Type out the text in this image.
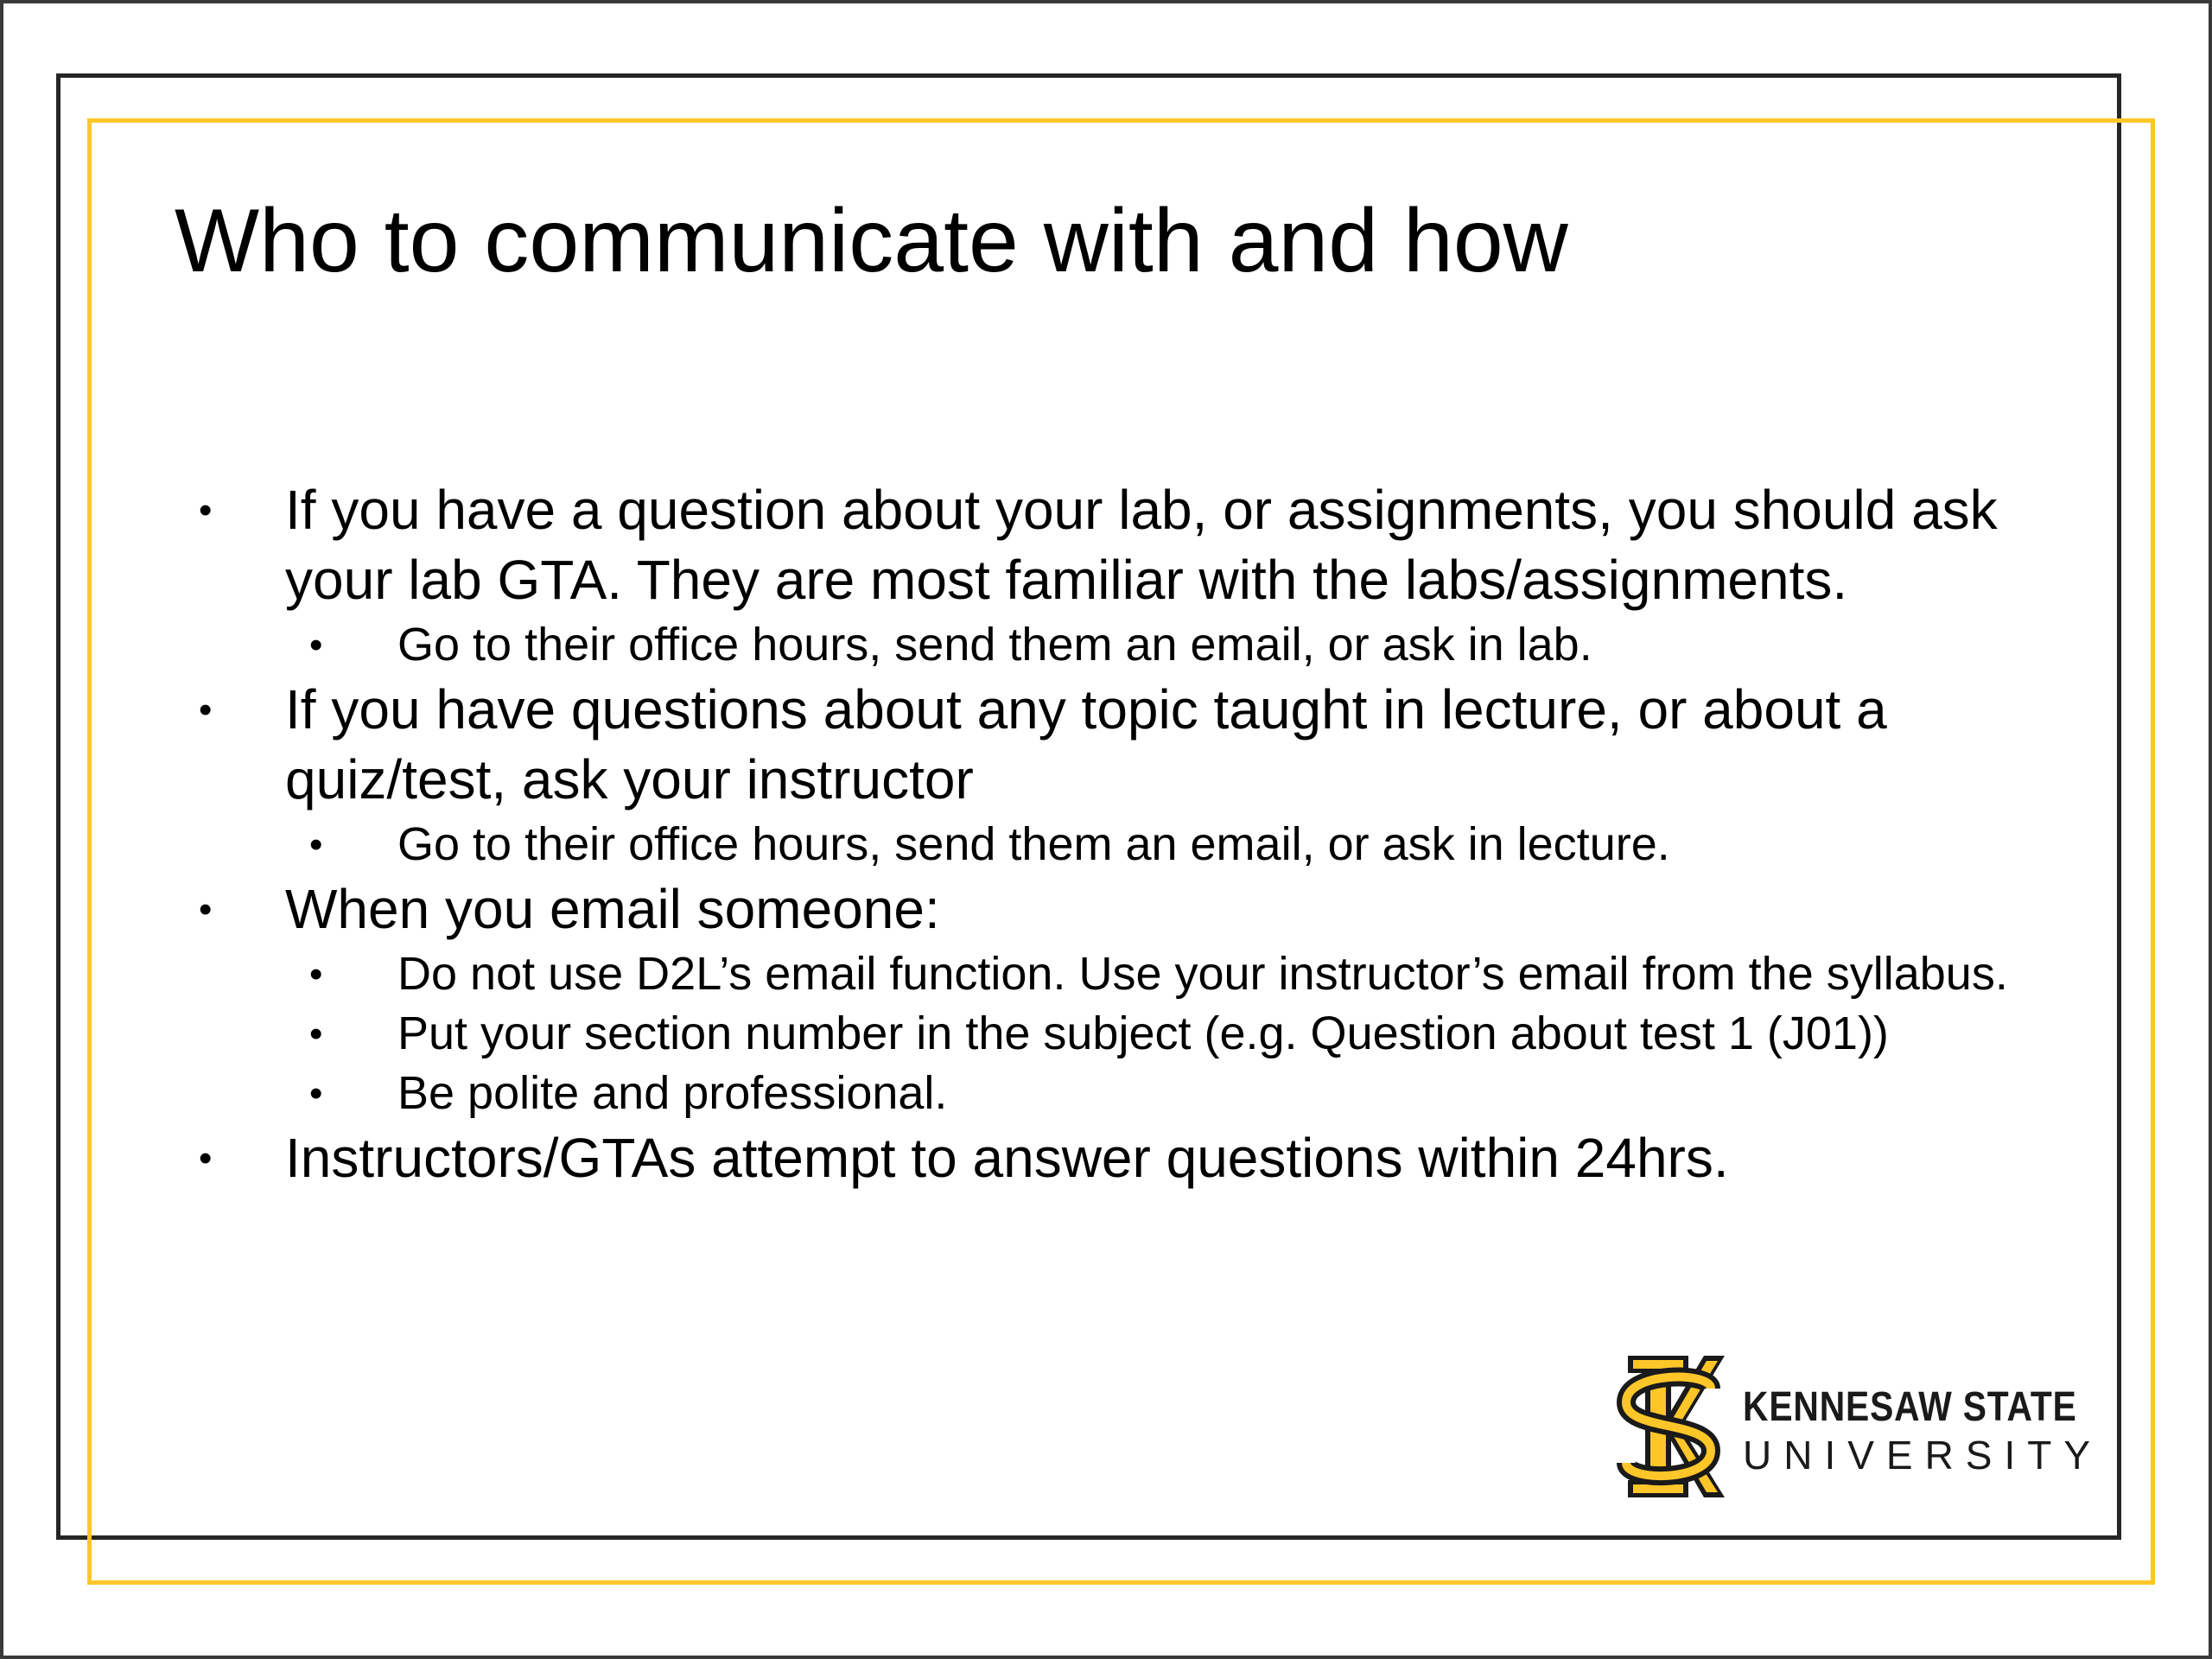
Who to communicate with and how
• If you have a question about your lab, or assignments, you should ask your lab GTA. They are most familiar with the labs/assignments.
• Go to their office hours, send them an email, or ask in lab.
• If you have questions about any topic taught in lecture, or about a quiz/test, ask your instructor
• Go to their office hours, send them an email, or ask in lecture.
• When you email someone:
• Do not use D2L’s email function. Use your instructor’s email from the syllabus.
• Put your section number in the subject (e.g. Question about test 1 (J01))
• Be polite and professional.
• Instructors/GTAs attempt to answer questions within 24hrs.
KENNESAW STATE
UNIVERSITY
